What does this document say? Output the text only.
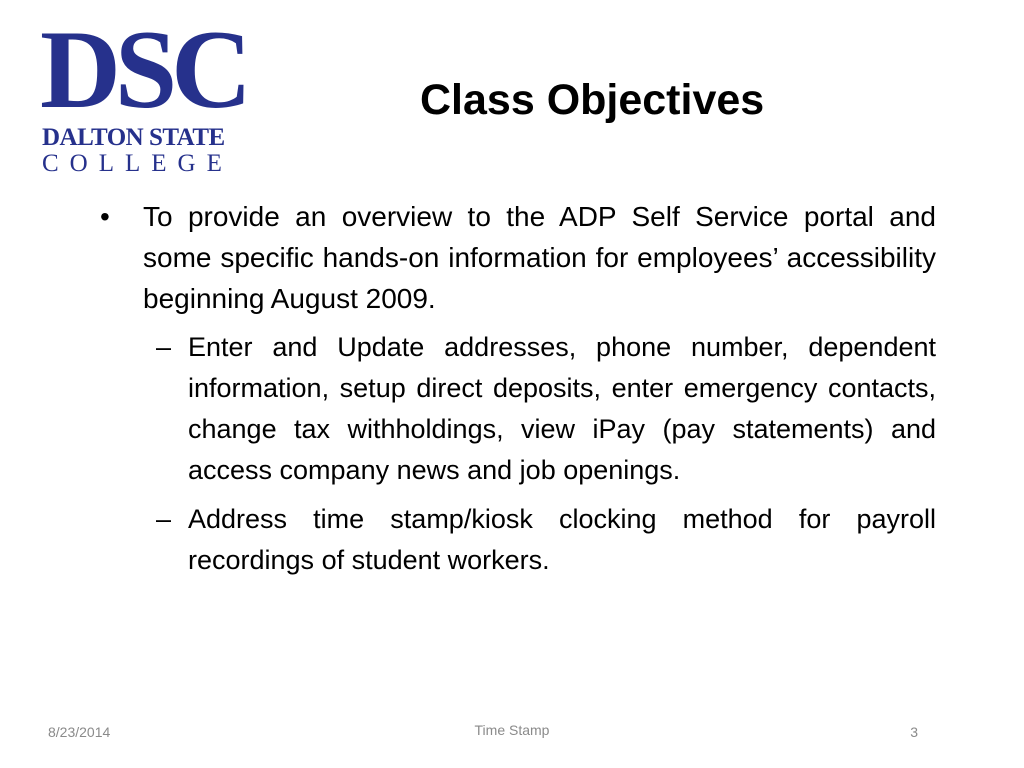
DSC
DALTON STATE
COLLEGE
Class Objectives
• To provide an overview to the ADP Self Service portal and some specific hands-on information for employees’ accessibility beginning August 2009.
– Enter and Update addresses, phone number, dependent information, setup direct deposits, enter emergency contacts, change tax withholdings, view iPay (pay statements) and access company news and job openings.
– Address time stamp/kiosk clocking method for payroll recordings of student workers.
8/23/2014	Time Stamp	3
